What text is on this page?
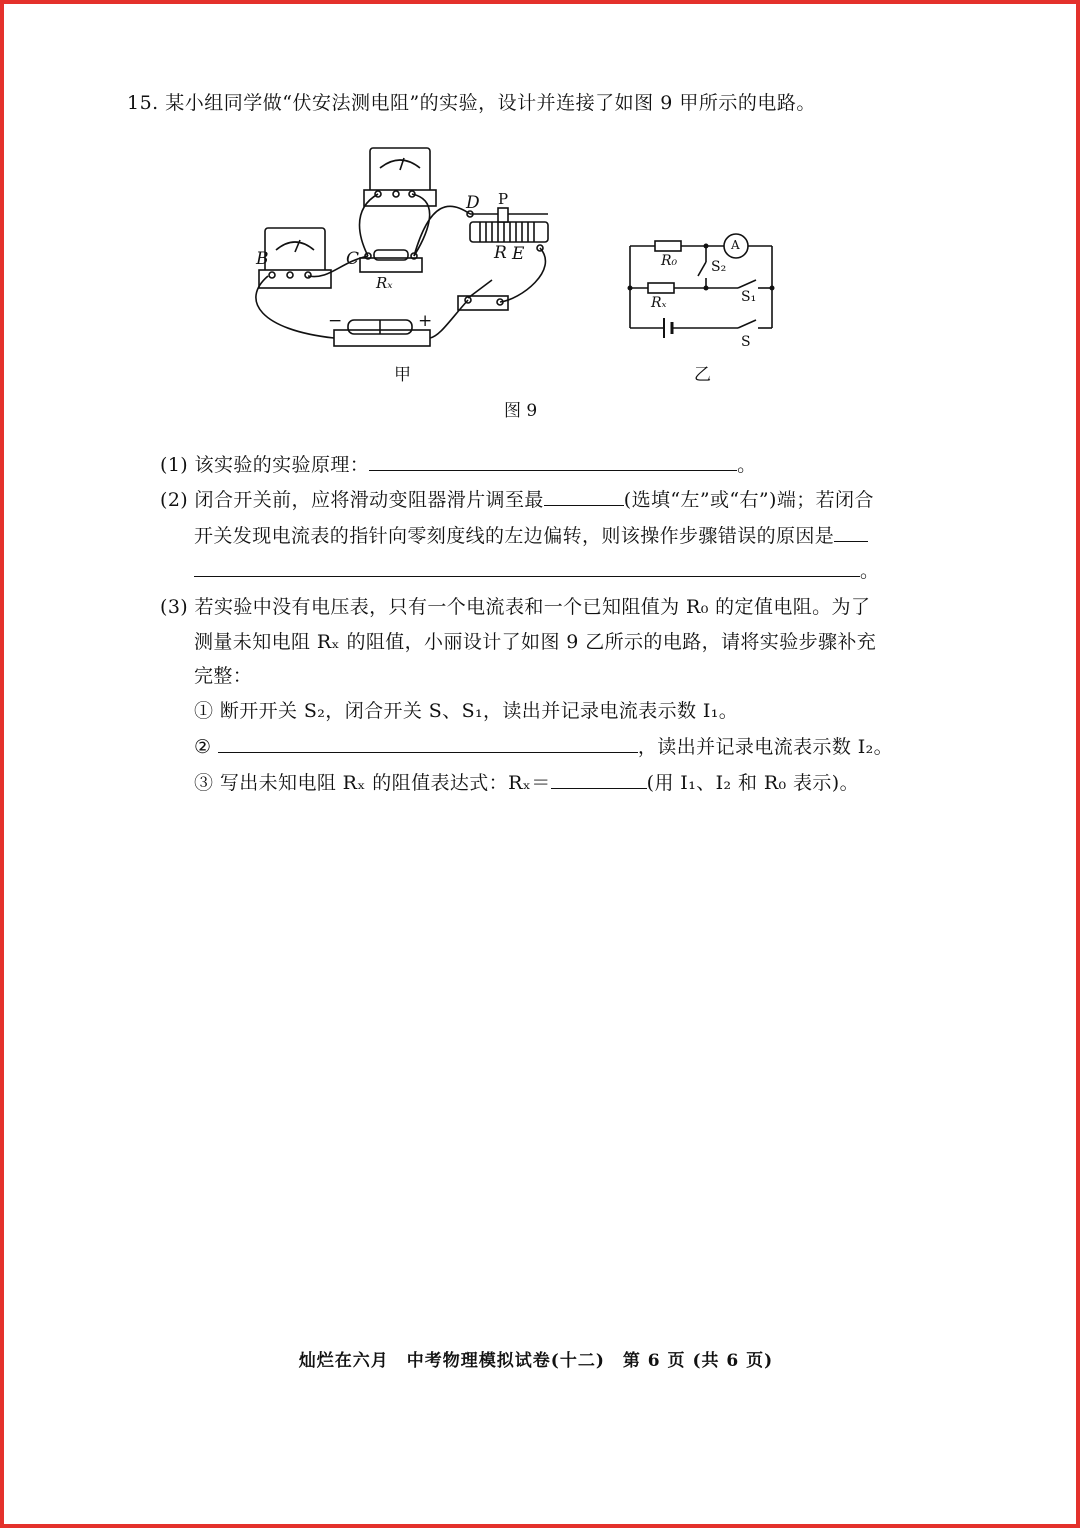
15. 某小组同学做“伏安法测电阻”的实验，设计并连接了如图 9 甲所示的电路。
B	C
D P
R E
Rₓ
−	+
R₀
Rₓ
S₂
S₁
S
A
甲	乙
图 9
(1) 该实验的实验原理：	。
(2) 闭合开关前，应将滑动变阻器滑片调至最	(选填“左”或“右”)端；若闭合
开关发现电流表的指针向零刻度线的左边偏转，则该操作步骤错误的原因是
。
(3) 若实验中没有电压表，只有一个电流表和一个已知阻值为 R₀ 的定值电阻。为了
测量未知电阻 Rₓ 的阻值，小丽设计了如图 9 乙所示的电路，请将实验步骤补充
完整：
① 断开开关 S₂，闭合开关 S、S₁，读出并记录电流表示数 I₁。
②	，读出并记录电流表示数 I₂。
③ 写出未知电阻 Rₓ 的阻值表达式：Rₓ＝	(用 I₁、I₂ 和 R₀ 表示)。
灿烂在六月　中考物理模拟试卷(十二)　第 6 页 (共 6 页)
